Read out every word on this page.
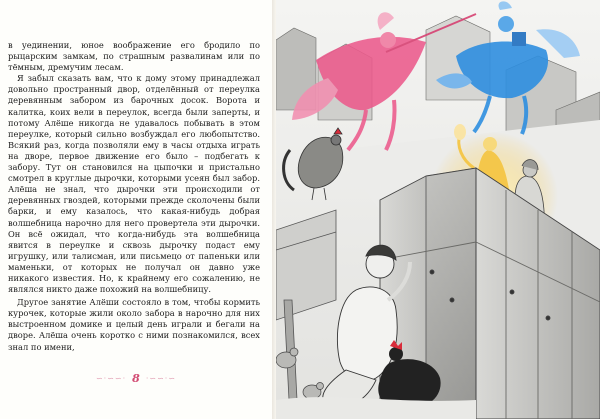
в уединении, юное воображение его бродило по рыцарским замкам, по страшным развалинам или по тёмным, дремучим лесам.

Я забыл сказать вам, что к дому этому принадлежал довольно пространный двор, отделённый от переулка деревянным забором из барочных досок. Ворота и калитка, коих вели в переулок, всегда были заперты, и потому Алёше никогда не удавалось побывать в этом переулке, который сильно возбуждал его любопытство. Всякий раз, когда позволяли ему в часы отдыха играть на дворе, первое движение его было – подбегать к забору. Тут он становился на цыпочки и пристально смотрел в круглые дырочки, которыми усеян был забор. Алёша не знал, что дырочки эти происходили от деревянных гвоздей, которыми прежде сколочены были барки, и ему казалось, что какая-нибудь добрая волшебница нарочно для него провертела эти дырочки. Он всё ожидал, что когда-нибудь эта волшебница явится в переулке и сквозь дырочку подаст ему игрушку, или талисман, или письмецо от папеньки или маменьки, от которых не получал он давно уже никакого известия. Но, к крайнему его сожалению, не являлся никто даже похожий на волшебницу.

Другое занятие Алёши состояло в том, чтобы кормить курочек, которые жили около забора в нарочно для них выстроенном домике и целый день играли и бегали на дворе. Алёша очень коротко с ними познакомился, всех знал по имени,

∽·∽∽· 8 ·∽∽·∽
